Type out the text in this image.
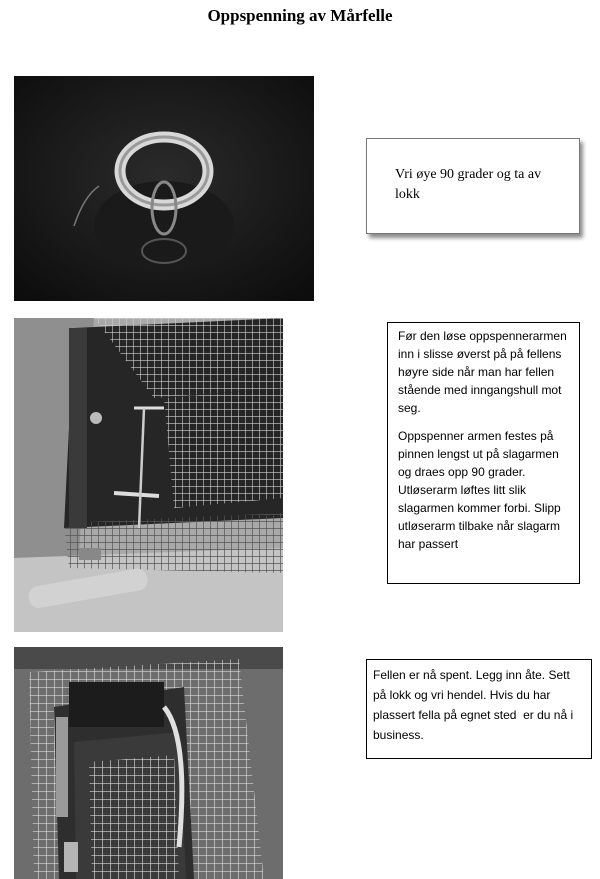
Oppspenning av Mårfelle
Vri øye 90 grader og ta av lokk

Før den løse oppspennerarmen inn i slisse øverst på på fellens høyre side når man har fellen stående med inngangshull mot seg.

Oppspenner armen festes på pinnen lengst ut på slagarmen og draes opp 90 grader. Utløserarm løftes litt slik slagarmen kommer forbi. Slipp utløserarm tilbake når slagarm har passert

Fellen er nå spent. Legg inn åte. Sett på lokk og vri hendel. Hvis du har plassert fella på egnet sted  er du nå i business.
